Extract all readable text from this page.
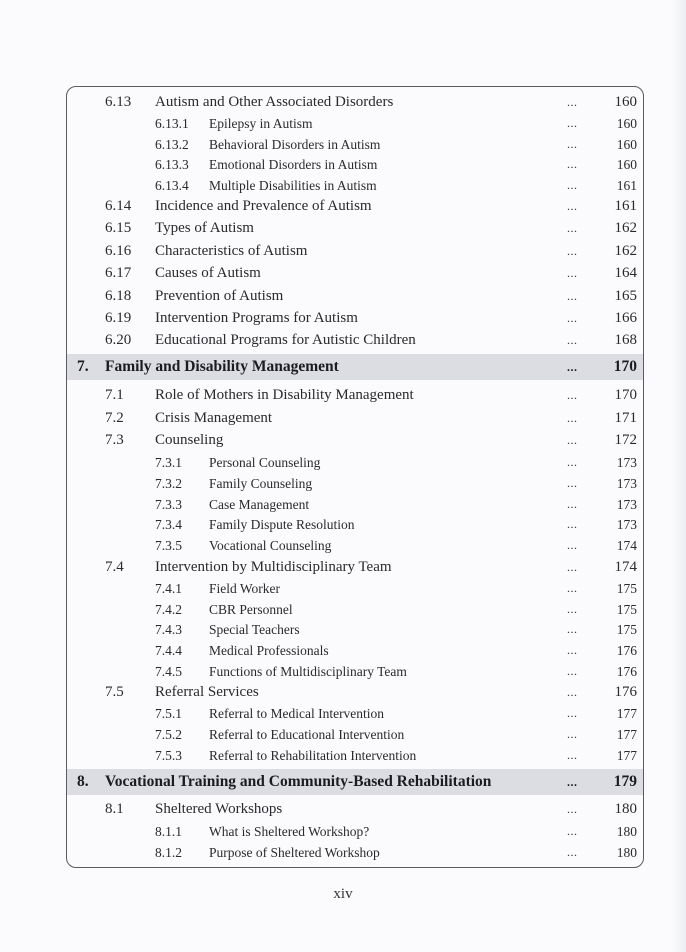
6.13 Autism and Other Associated Disorders	... 160
6.13.1 Epilepsy in Autism	...	160
6.13.2 Behavioral Disorders in Autism	...	160
6.13.3 Emotional Disorders in Autism	...	160
6.13.4 Multiple Disabilities in Autism	...	161
6.14 Incidence and Prevalence of Autism	... 161
6.15 Types of Autism	... 162
6.16 Characteristics of Autism	... 162
6.17 Causes of Autism	... 164
6.18 Prevention of Autism	... 165
6.19 Intervention Programs for Autism	... 166
6.20 Educational Programs for Autistic Children	... 168
7. Family and Disability Management	... 170
7.1 Role of Mothers in Disability Management	... 170
7.2 Crisis Management	... 171
7.3 Counseling	... 172
7.3.1 Personal Counseling	...	173
7.3.2 Family Counseling	...	173
7.3.3 Case Management	...	173
7.3.4 Family Dispute Resolution	...	173
7.3.5 Vocational Counseling	...	174
7.4 Intervention by Multidisciplinary Team	... 174
7.4.1 Field Worker	...	175
7.4.2 CBR Personnel	...	175
7.4.3 Special Teachers	...	175
7.4.4 Medical Professionals	...	176
7.4.5 Functions of Multidisciplinary Team	...	176
7.5 Referral Services	... 176
7.5.1 Referral to Medical Intervention	...	177
7.5.2 Referral to Educational Intervention	...	177
7.5.3 Referral to Rehabilitation Intervention	...	177
8. Vocational Training and Community-Based Rehabilitation	... 179
8.1 Sheltered Workshops	... 180
8.1.1 What is Sheltered Workshop?	...	180
8.1.2 Purpose of Sheltered Workshop	...	180
xiv
